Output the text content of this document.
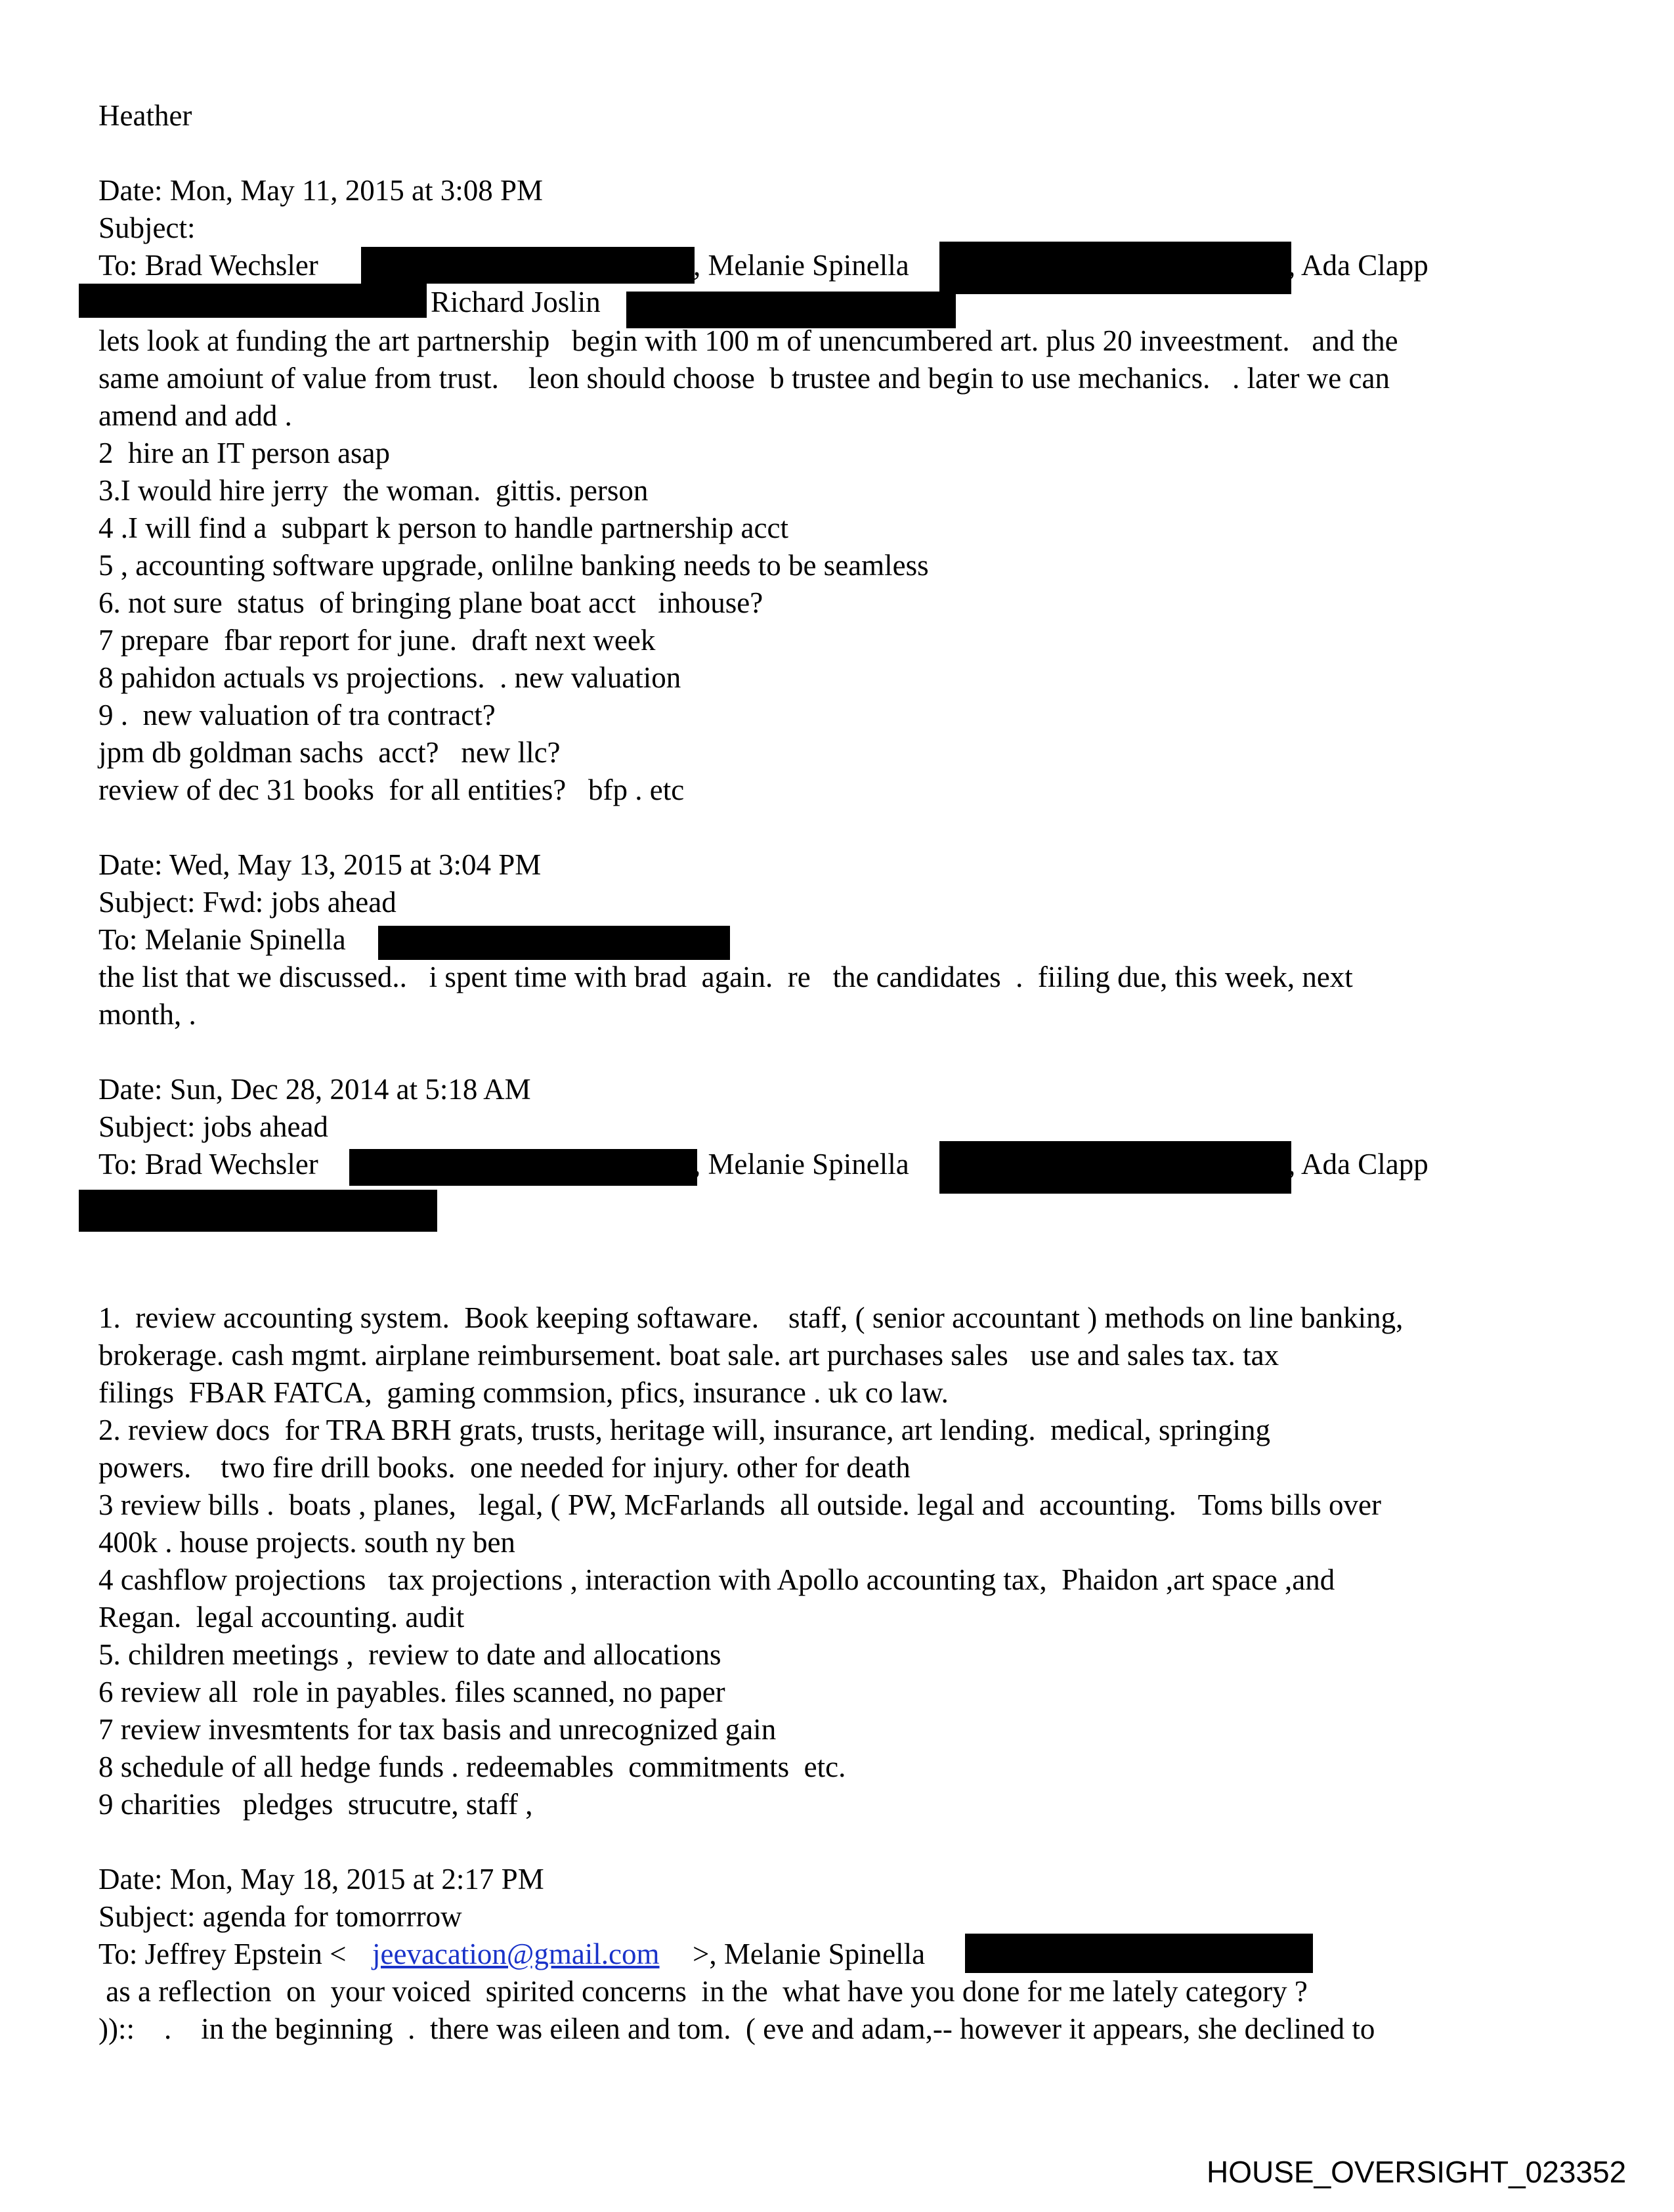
Heather
Date: Mon, May 11, 2015 at 3:08 PM
Subject:
To: Brad Wechsler	, Melanie Spinella	, Ada Clapp
Richard Joslin
lets look at funding the art partnership   begin with 100 m of unencumbered art. plus 20 inveestment.   and the
same amoiunt of value from trust.    leon should choose  b trustee and begin to use mechanics.   . later we can
amend and add .
2  hire an IT person asap
3.I would hire jerry  the woman.  gittis. person
4 .I will find a  subpart k person to handle partnership acct
5 , accounting software upgrade, onlilne banking needs to be seamless
6. not sure  status  of bringing plane boat acct   inhouse?
7 prepare  fbar report for june.  draft next week
8 pahidon actuals vs projections.  . new valuation
9 .  new valuation of tra contract?
jpm db goldman sachs  acct?   new llc?
review of dec 31 books  for all entities?   bfp . etc
Date: Wed, May 13, 2015 at 3:04 PM
Subject: Fwd: jobs ahead
To: Melanie Spinella
the list that we discussed..   i spent time with brad  again.  re   the candidates  .  fiiling due, this week, next
month, .
Date: Sun, Dec 28, 2014 at 5:18 AM
Subject: jobs ahead
To: Brad Wechsler	, Melanie Spinella	, Ada Clapp
1.  review accounting system.  Book keeping softaware.    staff, ( senior accountant ) methods on line banking,
brokerage. cash mgmt. airplane reimbursement. boat sale. art purchases sales   use and sales tax. tax
filings  FBAR FATCA,  gaming commsion, pfics, insurance . uk co law.
2. review docs  for TRA BRH grats, trusts, heritage will, insurance, art lending.  medical, springing
powers.    two fire drill books.  one needed for injury. other for death
3 review bills .  boats , planes,   legal, ( PW, McFarlands  all outside. legal and  accounting.   Toms bills over
400k . house projects. south ny ben
4 cashflow projections   tax projections , interaction with Apollo accounting tax,  Phaidon ,art space ,and
Regan.  legal accounting. audit
5. children meetings ,  review to date and allocations
6 review all  role in payables. files scanned, no paper
7 review invesmtents for tax basis and unrecognized gain
8 schedule of all hedge funds . redeemables  commitments  etc.
9 charities   pledges  strucutre, staff ,
Date: Mon, May 18, 2015 at 2:17 PM
Subject: agenda for tomorrrow
To: Jeffrey Epstein < jeevacation@gmail.com >, Melanie Spinella
as a reflection  on  your voiced  spirited concerns  in the  what have you done for me lately category ?
))::    .    in the beginning  .  there was eileen and tom.  ( eve and adam,-- however it appears, she declined to
HOUSE_OVERSIGHT_023352
